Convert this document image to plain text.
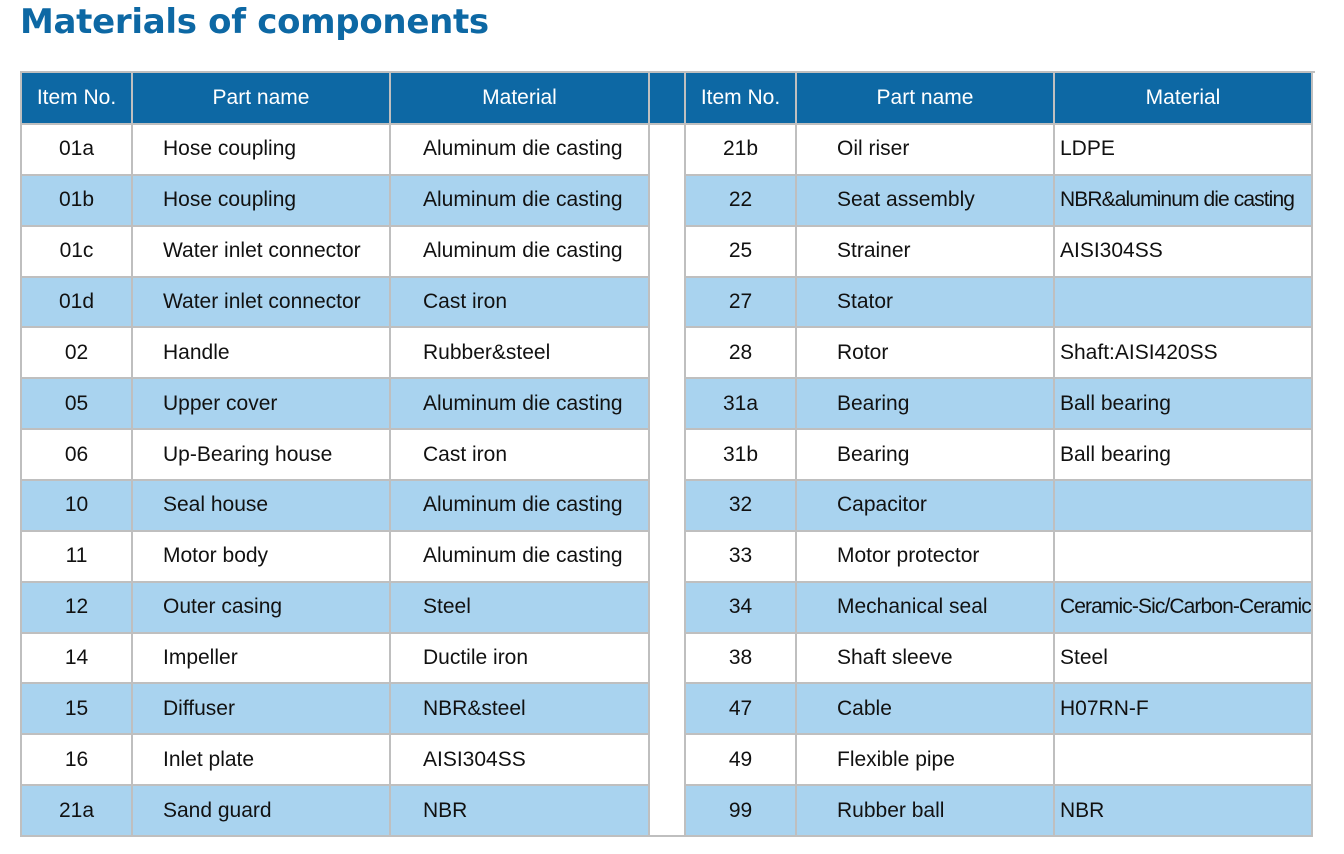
Materials of components
Item No.	Part name	Material	Item No.	Part name	Material
01a	Hose coupling	Aluminum die casting	21b	Oil riser	LDPE
01b	Hose coupling	Aluminum die casting	22	Seat assembly	NBR&aluminum die casting
01c	Water inlet connector	Aluminum die casting	25	Strainer	AISI304SS
01d	Water inlet connector	Cast iron	27	Stator
02	Handle	Rubber&steel	28	Rotor	Shaft:AISI420SS
05	Upper cover	Aluminum die casting	31a	Bearing	Ball bearing
06	Up-Bearing house	Cast iron	31b	Bearing	Ball bearing
10	Seal house	Aluminum die casting	32	Capacitor
11	Motor body	Aluminum die casting	33	Motor protector
12	Outer casing	Steel	34	Mechanical seal	Ceramic-Sic/Carbon-Ceramic
14	Impeller	Ductile iron	38	Shaft sleeve	Steel
15	Diffuser	NBR&steel	47	Cable	H07RN-F
16	Inlet plate	AISI304SS	49	Flexible pipe
21a	Sand guard	NBR	99	Rubber ball	NBR
